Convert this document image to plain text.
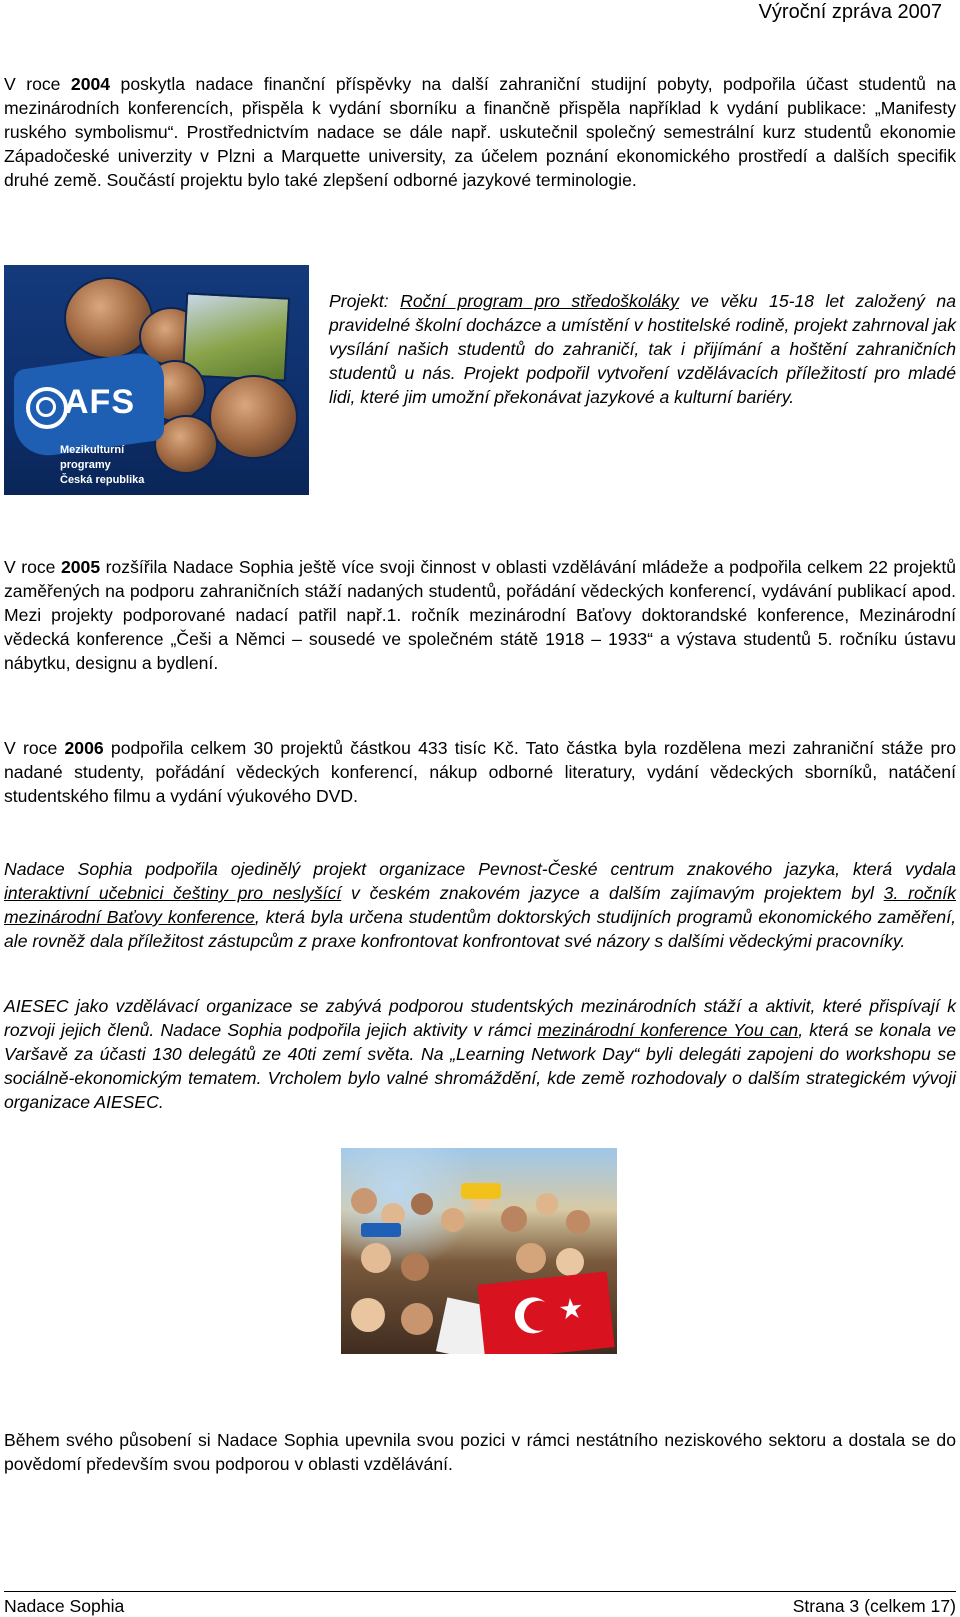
Výroční zpráva 2007

V roce 2004 poskytla nadace finanční příspěvky na další zahraniční studijní pobyty, podpořila účast studentů na mezinárodních konferencích, přispěla k vydání sborníku a finančně přispěla například k vydání publikace: „Manifesty ruského symbolismu“. Prostřednictvím nadace se dále např. uskutečnil společný semestrální kurz studentů ekonomie Západočeské univerzity v Plzni a Marquette university, za účelem poznání ekonomického prostředí a dalších specifik druhé země. Součástí projektu bylo také zlepšení odborné jazykové terminologie.

AFS
Mezikulturní
programy
Česká republika

Projekt: Roční program pro středoškoláky ve věku 15-18 let založený na pravidelné školní docházce a umístění v hostitelské rodině, projekt zahrnoval jak vysílání našich studentů do zahraničí, tak i přijímání a hoštění zahraničních studentů u nás. Projekt podpořil vytvoření vzdělávacích příležitostí pro mladé lidi, které jim umožní překonávat jazykové a kulturní bariéry.

V roce 2005 rozšířila Nadace Sophia ještě více svoji činnost v oblasti vzdělávání mládeže a podpořila celkem 22 projektů zaměřených na podporu zahraničních stáží nadaných studentů, pořádání vědeckých konferencí, vydávání publikací apod. Mezi projekty podporované nadací patřil např.1. ročník mezinárodní Baťovy doktorandské konference, Mezinárodní vědecká konference „Češi a Němci – sousedé ve společném státě 1918 – 1933“ a výstava studentů 5. ročníku ústavu nábytku, designu a bydlení.

V roce 2006 podpořila celkem 30 projektů částkou 433 tisíc Kč. Tato částka byla rozdělena mezi zahraniční stáže pro nadané studenty, pořádání vědeckých konferencí, nákup odborné literatury, vydání vědeckých sborníků, natáčení studentského filmu a vydání výukového DVD.

Nadace Sophia podpořila ojedinělý projekt organizace Pevnost-České centrum znakového jazyka, která vydala interaktivní učebnici češtiny pro neslyšící v českém znakovém jazyce a dalším zajímavým projektem byl 3. ročník mezinárodní Baťovy konference, která byla určena studentům doktorských studijních programů ekonomického zaměření, ale rovněž dala příležitost zástupcům z praxe konfrontovat konfrontovat své názory s dalšími vědeckými pracovníky.

AIESEC jako vzdělávací organizace se zabývá podporou studentských mezinárodních stáží a aktivit, které přispívají k rozvoji jejich členů. Nadace Sophia podpořila jejich aktivity v rámci mezinárodní konference You can, která se konala ve Varšavě za účasti 130 delegátů ze 40ti zemí světa. Na „Learning Network Day“ byli delegáti zapojeni do workshopu se sociálně-ekonomickým tematem. Vrcholem bylo valné shromáždění, kde země rozhodovaly o dalším strategickém vývoji organizace AIESEC.

★

Během svého působení si Nadace Sophia upevnila svou pozici v rámci nestátního neziskového sektoru a dostala se do povědomí především svou podporou v oblasti vzdělávání.

Nadace Sophia	Strana 3 (celkem 17)
